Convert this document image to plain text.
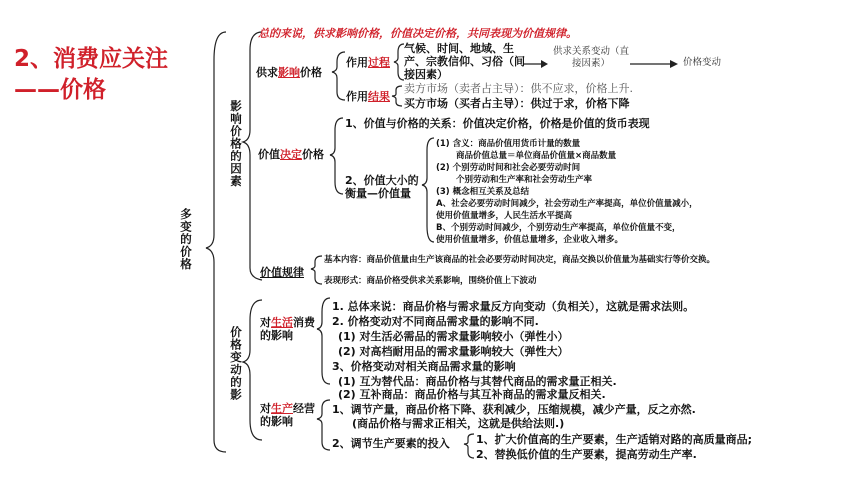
2、消费应关注——价格
多变的价格
影响价格的因素
价格变动的影
总的来说，供求影响价格，价值决定价格，共同表现为价值规律。
供求影响价格
作用过程
气候、时间、地域、生产、宗教信仰、习俗（间接因素）
供求关系变动（直接因素）	价格变动
作用结果
卖方市场（卖者占主导）：供不应求，价格上升.
买方市场（买者占主导）：供过于求，价格下降
价值决定价格
1、价值与价格的关系：价值决定价格，价格是价值的货币表现
2、价值大小的衡量—价值量
(1) 含义：商品价值用货币计量的数量
商品价值总量＝单位商品价值量×商品数量
(2) 个别劳动时间和社会必要劳动时间
个别劳动和生产率和社会劳动生产率
(3) 概念相互关系及总结
A、社会必要劳动时间减少，社会劳动生产率提高，单位价值量减小，
使用价值量增多，人民生活水平提高
B、个别劳动时间减少，个别劳动生产率提高，单位价值量不变，
使用价值量增多，价值总量增多，企业收入增多。
价值规律
基本内容：商品价值量由生产该商品的社会必要劳动时间决定，商品交换以价值量为基础实行等价交换。
表现形式：商品价格受供求关系影响，围绕价值上下波动
对生活消费的影响
1. 总体来说：商品价格与需求量反方向变动（负相关），这就是需求法则。
2. 价格变动对不同商品需求量的影响不同.
(1) 对生活必需品的需求量影响较小（弹性小）
(2) 对高档耐用品的需求量影响较大（弹性大）
3、价格变动对相关商品需求量的影响
(1) 互为替代品：商品价格与其替代商品的需求量正相关.
(2) 互补商品：商品价格与其互补商品的需求量反相关.
对生产经营的影响
1、调节产量，商品价格下降、获利减少，压缩规模，减少产量，反之亦然.
(商品价格与需求正相关，这就是供给法则.)
2、调节生产要素的投入 1、扩大价值高的生产要素，生产适销对路的高质量商品;
2、替换低价值的生产要素，提高劳动生产率.
